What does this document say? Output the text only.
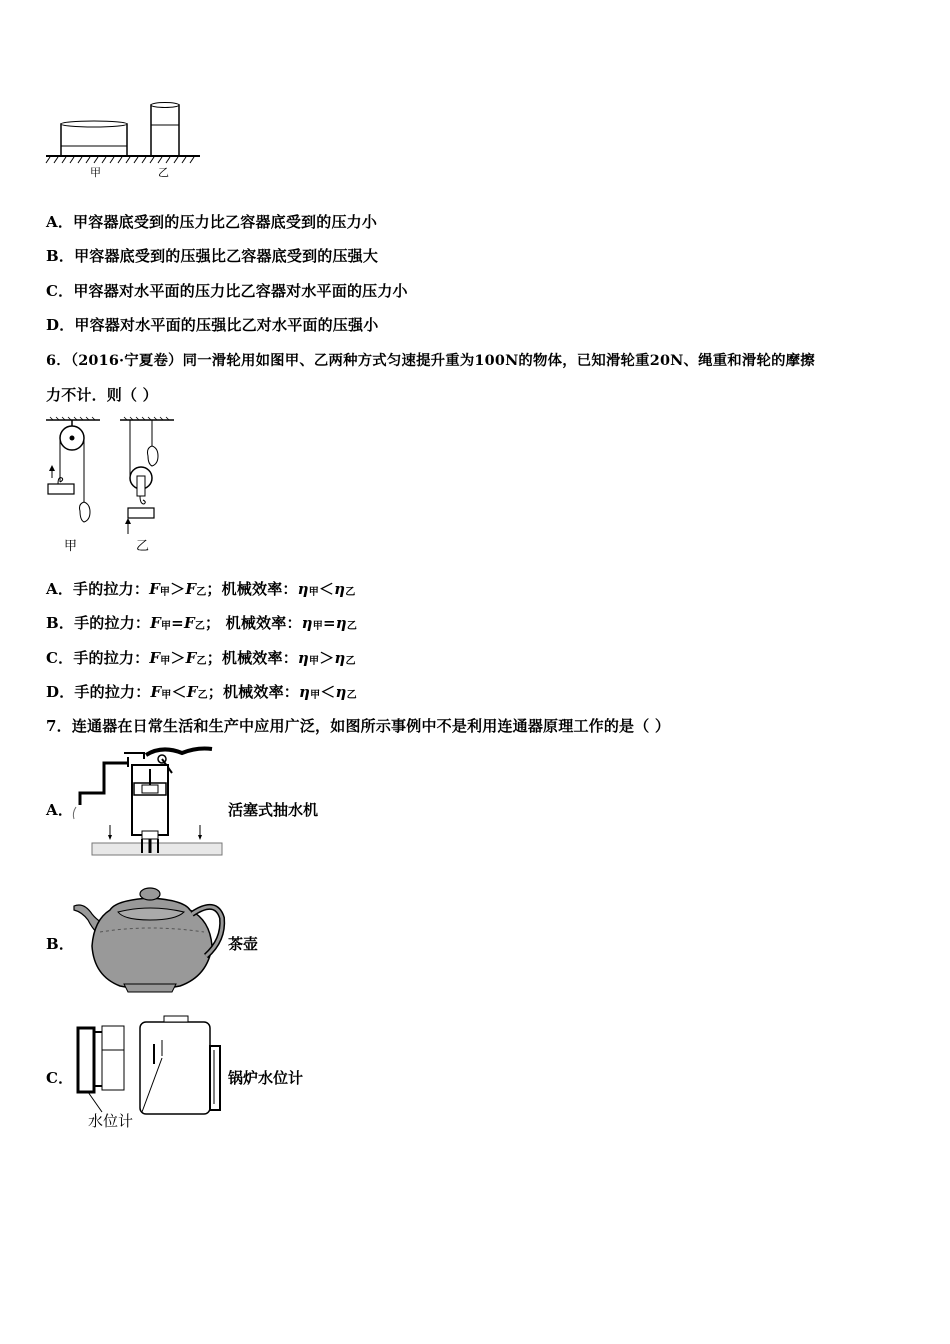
甲	乙
A．甲容器底受到的压力比乙容器底受到的压力小
B．甲容器底受到的压强比乙容器底受到的压强大
C．甲容器对水平面的压力比乙容器对水平面的压力小
D．甲容器对水平面的压强比乙对水平面的压强小
6．（2016·宁夏卷）同一滑轮用如图甲、乙两种方式匀速提升重为100N的物体，已知滑轮重20N、绳重和滑轮的摩擦
力不计．则（ ）
甲	乙
A．手的拉力：F甲＞F乙；机械效率：η甲＜η乙
B．手的拉力：F甲=F乙； 机械效率：η甲=η乙
C．手的拉力：F甲＞F乙；机械效率：η甲＞η乙
D．手的拉力：F甲＜F乙；机械效率：η甲＜η乙
7．连通器在日常生活和生产中应用广泛，如图所示事例中不是利用连通器原理工作的是（ ）
A．	活塞式抽水机
B．	茶壶
C．
水位计
锅炉水位计
